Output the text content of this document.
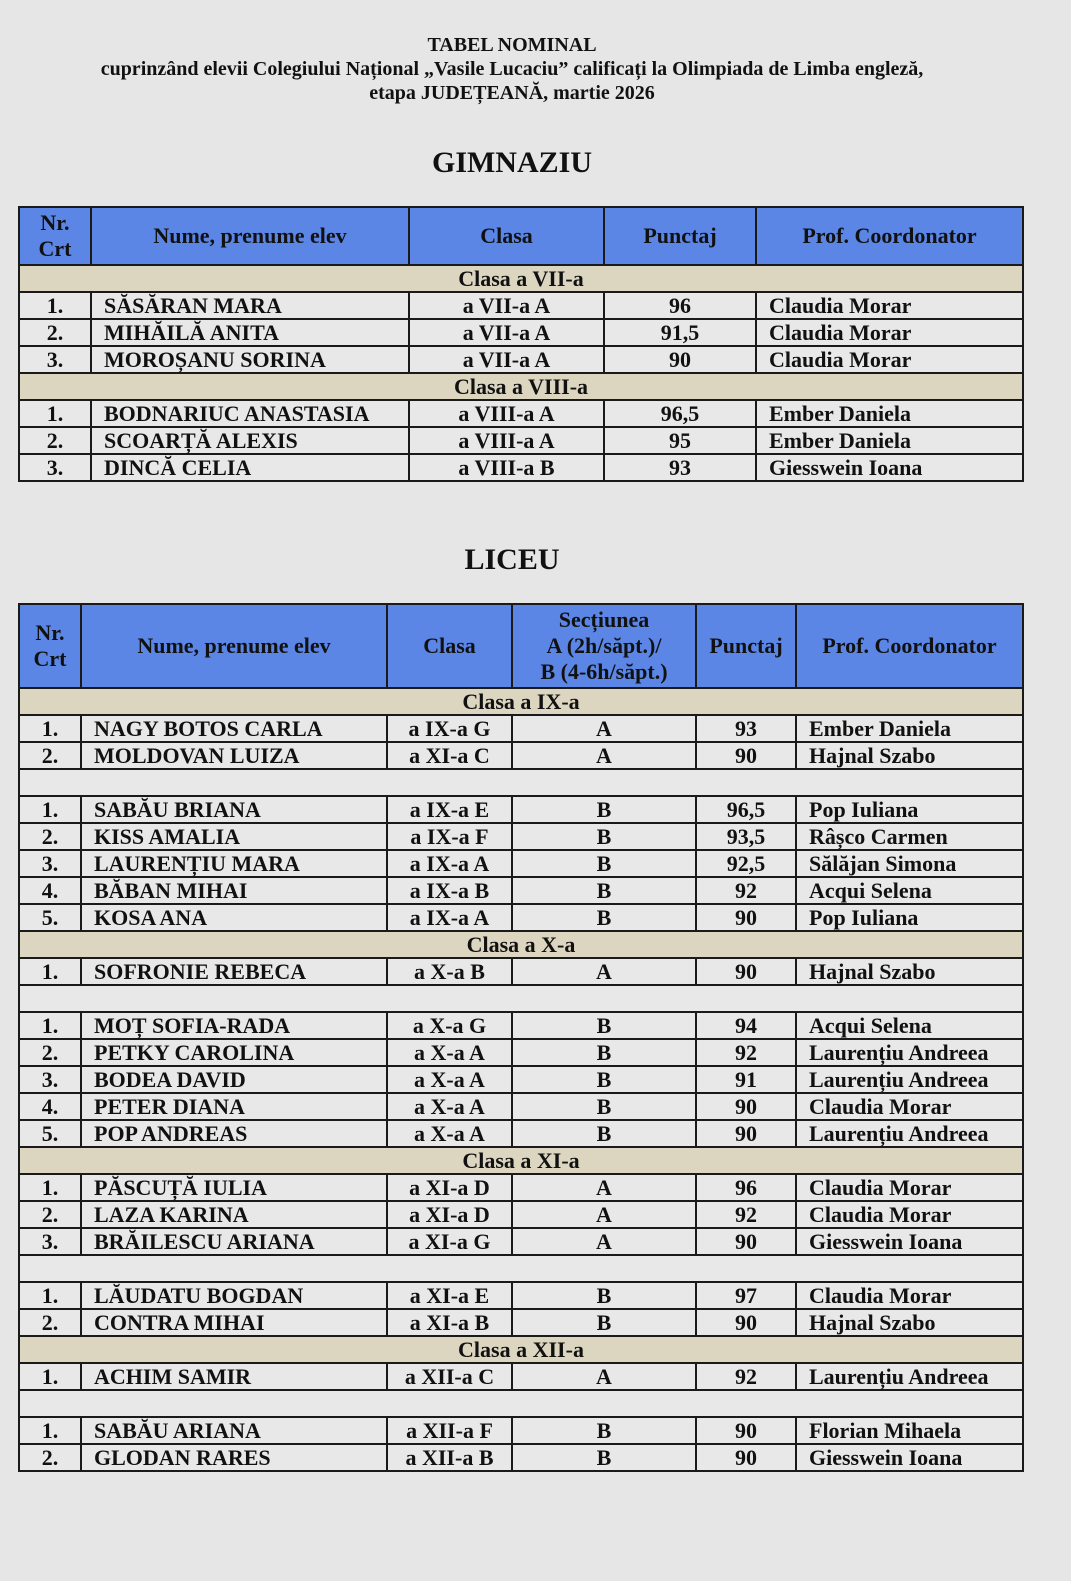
TABEL NOMINAL
cuprinzând elevii Colegiului Național „Vasile Lucaciu” calificați la Olimpiada de Limba engleză,
etapa JUDEȚEANĂ, martie 2026
GIMNAZIU
Nr.
Crt	Nume, prenume elev	Clasa	Punctaj	Prof. Coordonator
Clasa a VII-a				
1.	SĂSĂRAN MARA	a VII-a A	96	Claudia Morar
2.	MIHĂILĂ ANITA	a VII-a A	91,5	Claudia Morar
3.	MOROȘANU SORINA	a VII-a A	90	Claudia Morar
Clasa a VIII-a				
1.	BODNARIUC ANASTASIA	a VIII-a A	96,5	Ember Daniela
2.	SCOARȚĂ ALEXIS	a VIII-a A	95	Ember Daniela
3.	DINCĂ CELIA	a VIII-a B	93	Giesswein Ioana
LICEU
Nr.
Crt	Nume, prenume elev	Clasa	Secțiunea
A (2h/săpt.)/
B (4-6h/săpt.)	Punctaj	Prof. Coordonator
Clasa a IX-a					
1.	NAGY BOTOS CARLA	a IX-a G	A	93	Ember Daniela
2.	MOLDOVAN LUIZA	a XI-a C	A	90	Hajnal Szabo

1.	SABĂU BRIANA	a IX-a E	B	96,5	Pop Iuliana
2.	KISS AMALIA	a IX-a F	B	93,5	Râșco Carmen
3.	LAURENȚIU MARA	a IX-a A	B	92,5	Sălăjan Simona
4.	BĂBAN MIHAI	a IX-a B	B	92	Acqui Selena
5.	KOSA ANA	a IX-a A	B	90	Pop Iuliana
Clasa a X-a					
1.	SOFRONIE REBECA	a X-a B	A	90	Hajnal Szabo

1.	MOȚ SOFIA-RADA	a X-a G	B	94	Acqui Selena
2.	PETKY CAROLINA	a X-a A	B	92	Laurențiu Andreea
3.	BODEA DAVID	a X-a A	B	91	Laurențiu Andreea
4.	PETER DIANA	a X-a A	B	90	Claudia Morar
5.	POP ANDREAS	a X-a A	B	90	Laurențiu Andreea
Clasa a XI-a					
1.	PĂSCUȚĂ IULIA	a XI-a D	A	96	Claudia Morar
2.	LAZA KARINA	a XI-a D	A	92	Claudia Morar
3.	BRĂILESCU ARIANA	a XI-a G	A	90	Giesswein Ioana

1.	LĂUDATU BOGDAN	a XI-a E	B	97	Claudia Morar
2.	CONTRA MIHAI	a XI-a B	B	90	Hajnal Szabo
Clasa a XII-a					
1.	ACHIM SAMIR	a XII-a C	A	92	Laurențiu Andreea

1.	SABĂU ARIANA	a XII-a F	B	90	Florian Mihaela
2.	GLODAN RARES	a XII-a B	B	90	Giesswein Ioana
